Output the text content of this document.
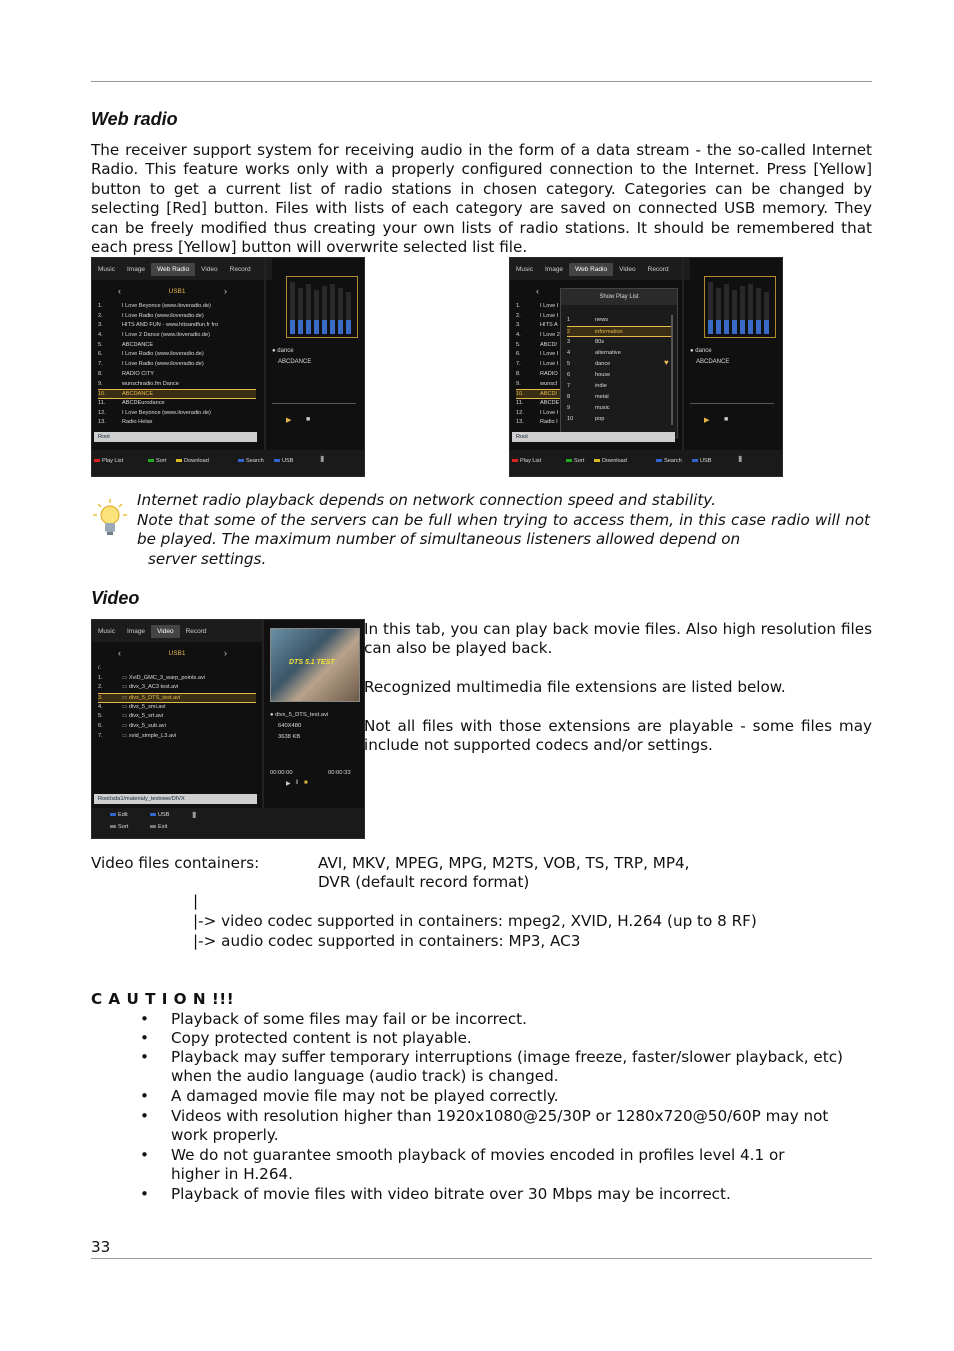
Web radio
The receiver support system for receiving audio in the form of a data stream - the so-called Internet Radio. This feature works only with a properly configured connection to the Internet. Press [Yellow] button to get a current list of radio stations in chosen category. Categories can be changed by selecting [Red] button. Files with lists of each category are saved on connected USB memory. They can be freely modified thus creating your own lists of radio stations. It should be remembered that each press [Yellow] button will overwrite selected list file.
Music	Image	Web Radio	Video	Record
‹	USB1	›
1.	I Love Beyonce (www.iloveradio.de)
2.	I Love Radio (www.iloveradio.de)
3.	HITS AND FUN - www.hitsandfun.fr fro
4.	I Love 2 Dance (www.iloveradio.de)
5.	ABCDANCE
6.	I Love Radio (www.iloveradio.de)
7.	I Love Radio (www.iloveradio.de)
8.	RADIO CITY
9.	wunschradio.fm Dance
10.	ABCDANCE
11.	ABCDEurodance
12.	I Love Beyonce (www.iloveradio.de)
13.	Radio Helax
Root
● dance
ABCDANCE
▶ ■
Play List	Sort	Download	Search	USB	▮
Music	Image	Web Radio	Video	Record
‹
1.	I Love I
2.	I Love I
3.	HITS A
4.	I Love 2
5.	ABCD/
6.	I Love I
7.	I Love I
8.	RADIO
9.	wunscl
10.	ABCD/
11.	ABCDE
12.	I Love I
13.	Radio I
Show Play List
1	news
2	information
3	80s
4	alternative
5	dance
6	house
7	indie
8	metal
9	music
10	pop
♥
Root
● dance
ABCDANCE
▶ ■
Play List	Sort	Download	Search	USB	▮
Internet radio playback depends on network connection speed and stability.
Note that some of the servers can be full when trying to access them, in this case radio will not be played. The maximum number of simultaneous listeners allowed depend on
server settings.
Video
Music	Image	Video	Record
‹	USB1	›
/.
1.	▭ XviD_GMC_3_warp_points.avi
2.	▭ divx_3_AC3 test.avi
3.	▭ divx_5_DTS_test.avi
4.	▭ divx_5_smi.avi
5.	▭ divx_5_srt.avi
6.	▭ divx_5_sub.avi
7.	▭ xvid_simple_L3.avi
Root/sda1/materialy_testowe/DIVX
DTS 5.1 TEST
● divx_5_DTS_test.avi
640X480
3638 KB
00:00:00	00:00:33
▶ ‖ ■
Edit	USB
Sort	Exit
▮
In this tab, you can play back movie files. Also high resolution files can also be played back.
Recognized multimedia file extensions are listed below.
Not all files with those extensions are playable - some files may include not supported codecs and/or settings.
Video files containers:	AVI, MKV, MPEG, MPG, M2TS, VOB, TS, TRP, MP4,
DVR (default record format)
|
|-> video codec supported in containers: mpeg2, XVID, H.264 (up to 8 RF)
|-> audio codec supported in containers: MP3, AC3
C A U T I O N !!!
• Playback of some files may fail or be incorrect.
• Copy protected content is not playable.
• Playback may suffer temporary interruptions (image freeze, faster/slower playback, etc) when the audio language (audio track) is changed.
• A damaged movie file may not be played correctly.
• Videos with resolution higher than 1920x1080@25/30P or 1280x720@50/60P may not work properly.
• We do not guarantee smooth playback of movies encoded in profiles level 4.1 or higher in H.264.
• Playback of movie files with video bitrate over 30 Mbps may be incorrect.
33
